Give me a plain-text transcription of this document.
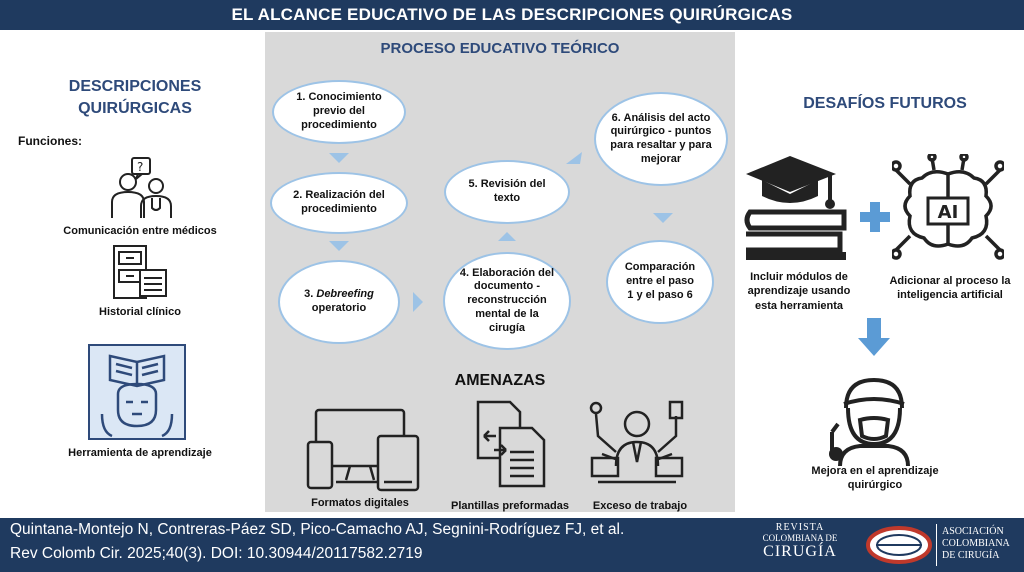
EL ALCANCE EDUCATIVO DE LAS DESCRIPCIONES QUIRÚRGICAS
DESCRIPCIONES
QUIRÚRGICAS
Funciones:
?
Comunicación entre médicos
Historial clínico
Herramienta de aprendizaje
PROCESO EDUCATIVO TEÓRICO
1. Conocimiento previo del procedimiento
2. Realización del procedimiento
3. Debreefing operatorio
4. Elaboración del documento - reconstrucción mental de la cirugía
5. Revisión del texto
6. Análisis del acto quirúrgico - puntos para resaltar y para mejorar
Comparación entre el paso 1 y el paso 6
AMENAZAS
Formatos digitales	Plantillas preformadas	Exceso de trabajo
DESAFÍOS FUTUROS
Incluir módulos de aprendizaje usando esta herramienta
AI
Adicionar al proceso la inteligencia artificial
Mejora en el aprendizaje quirúrgico
Quintana-Montejo N, Contreras-Páez SD, Pico-Camacho AJ, Segnini-Rodríguez FJ, et al.
Rev Colomb Cir. 2025;40(3). DOI: 10.30944/20117582.2719
REVISTA
COLOMBIANA DE
CIRUGÍA
ASOCIACIÓN
COLOMBIANA
DE CIRUGÍA
